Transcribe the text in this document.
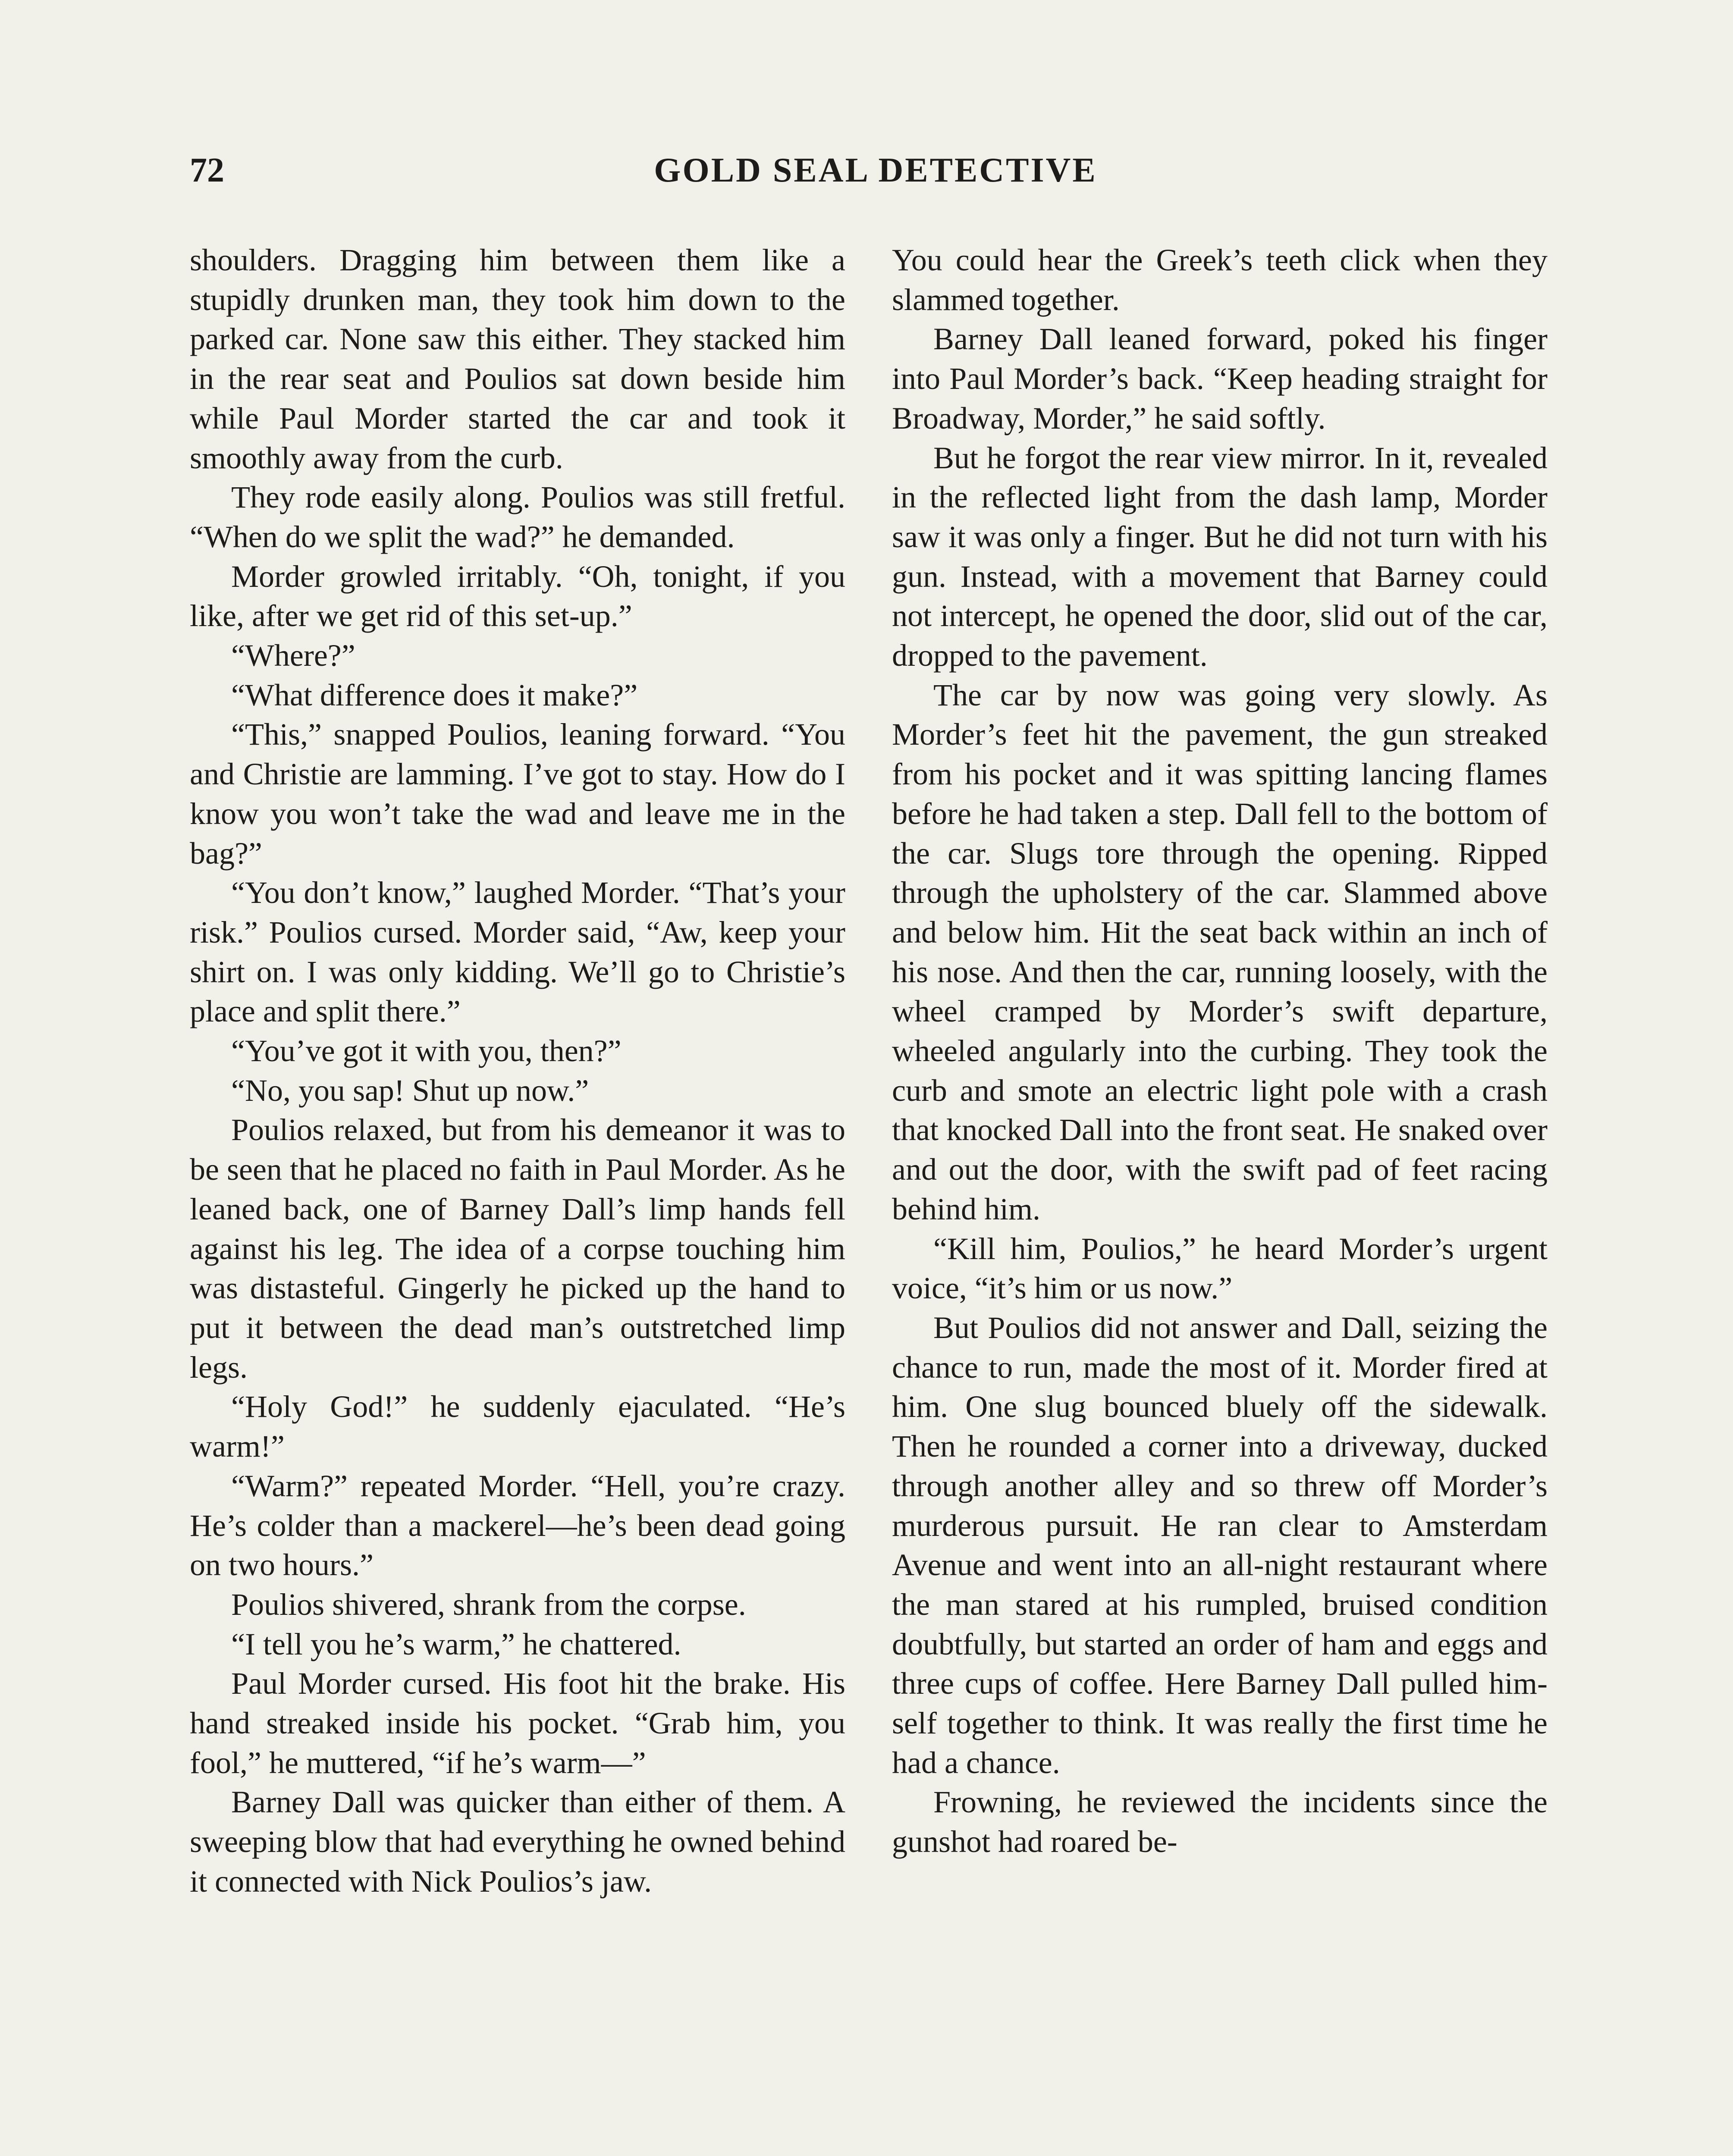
72	GOLD SEAL DETECTIVE

shoulders. Dragging him between them like a stupidly drunken man, they took him down to the parked car. None saw this either. They stacked him in the rear seat and Poulios sat down beside him while Paul Morder started the car and took it smoothly away from the curb.

They rode easily along. Poulios was still fretful. “When do we split the wad?” he demanded.

Morder growled irritably. “Oh, tonight, if you like, after we get rid of this set-up.”

“Where?”

“What difference does it make?”

“This,” snapped Poulios, leaning forward. “You and Christie are lamming. I’ve got to stay. How do I know you won’t take the wad and leave me in the bag?”

“You don’t know,” laughed Morder. “That’s your risk.” Poulios cursed. Morder said, “Aw, keep your shirt on. I was only kidding. We’ll go to Christie’s place and split there.”

“You’ve got it with you, then?”

“No, you sap! Shut up now.”

Poulios relaxed, but from his demeanor it was to be seen that he placed no faith in Paul Morder. As he leaned back, one of Barney Dall’s limp hands fell against his leg. The idea of a corpse touching him was distasteful. Gingerly he picked up the hand to put it between the dead man’s outstretched limp legs.

“Holy God!” he suddenly ejaculated. “He’s warm!”

“Warm?” repeated Morder. “Hell, you’re crazy. He’s colder than a mackerel—he’s been dead going on two hours.”

Poulios shivered, shrank from the corpse.

“I tell you he’s warm,” he chattered.

Paul Morder cursed. His foot hit the brake. His hand streaked inside his pocket. “Grab him, you fool,” he muttered, “if he’s warm—”

Barney Dall was quicker than either of them. A sweeping blow that had everything he owned behind it connected with Nick Poulios’s jaw.

You could hear the Greek’s teeth click when they slammed together.

Barney Dall leaned forward, poked his finger into Paul Morder’s back. “Keep heading straight for Broadway, Morder,” he said softly.

But he forgot the rear view mirror. In it, revealed in the reflected light from the dash lamp, Morder saw it was only a finger. But he did not turn with his gun. Instead, with a movement that Barney could not intercept, he opened the door, slid out of the car, dropped to the pavement.

The car by now was going very slowly. As Morder’s feet hit the pavement, the gun streaked from his pocket and it was spitting lancing flames before he had taken a step. Dall fell to the bottom of the car. Slugs tore through the opening. Ripped through the upholstery of the car. Slammed above and below him. Hit the seat back within an inch of his nose. And then the car, running loosely, with the wheel cramped by Morder’s swift departure, wheeled angularly into the curbing. They took the curb and smote an electric light pole with a crash that knocked Dall into the front seat. He snaked over and out the door, with the swift pad of feet racing behind him.

“Kill him, Poulios,” he heard Morder’s urgent voice, “it’s him or us now.”

But Poulios did not answer and Dall, seizing the chance to run, made the most of it. Morder fired at him. One slug bounced bluely off the sidewalk. Then he rounded a corner into a driveway, ducked through another alley and so threw off Morder’s murderous pursuit. He ran clear to Amsterdam Avenue and went into an all-night restaurant where the man stared at his rumpled, bruised condition doubtfully, but started an order of ham and eggs and three cups of coffee. Here Barney Dall pulled himself together to think. It was really the first time he had a chance.

Frowning, he reviewed the incidents since the gunshot had roared be-
